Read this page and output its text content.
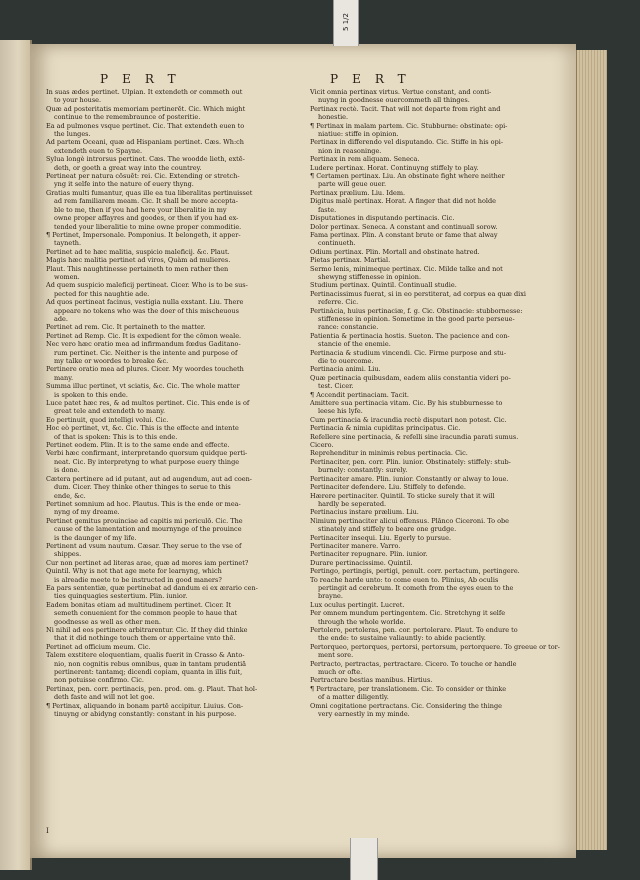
PERT	PERT
In suas ædes pertinet. Ulpian. It extendeth or commeth out
to your house.
Quæ ad posteritatis memoriam pertinerēt. Cic. Which might
continue to the remembraunce of posteritie.
Ea ad pulmones vsque pertinet. Cic. That extendeth euen to
the lunges.
Ad partem Oceani, quæ ad Hispaniam pertinet. Cæs. Wh:ch
extendeth euen to Spayne.
Sylua longè introrsus pertinet. Cæs. The woodde lieth, extē-
deth, or goeth a great way into the countrey.
Pertineat per natura cōsuēt: rei. Cic. Extending or stretch-
yng it selfe into the nature of euery thyng.
Gratias multi fumantur, quas ille ea tua liberalitas pertinuisset
ad rem familiarem meam. Cic. It shall be more accepta-
ble to me, then if you had here your liberalitie in my
owne proper affayres and goodes, or then if you had ex-
tended your liberalitie to mine owne proper commoditie.
¶ Pertinet, Impersonale. Pomponius. It belongeth, it apper-
tayneth.
Pertinet ad te hæc malitia, suspicio maleficij. &c. Plaut.
Magis hæc malitia pertinet ad viros, Quàm ad mulieres.
Plaut. This naughtinesse pertaineth to men rather then
women.
Ad quem suspicio maleficij pertineat. Cicer. Who is to be sus-
pected for this naughtie ade.
Ad quos pertineat facinus, vestigia nulla exstant. Liu. There
appeare no tokens who was the doer of this mischeuous
ade.
Pertinet ad rem. Cic. It pertaineth to the matter.
Pertinet ad Remp. Cic. It is expedient for the cōmon weale.
Nec vero hæc oratio mea ad infirmandum fœdus Gaditano-
rum pertinet. Cic. Neither is the intente and purpose of
my talke or woordes to breake &c.
Pertinere oratio mea ad plures. Cicer. My woordes toucheth
many.
Summa illuc pertinet, vt sciatis, &c. Cic. The whole matter
is spoken to this ende.
Luce patet hæc res, & ad multos pertinet. Cic. This ende is of
great tele and extendeth to many.
Eo pertinuit, quod intelligi volui. Cic.
Hoc eò pertinet, vt, &c. Cic. This is the effecte and intente
of that is spoken: This is to this ende.
Pertinet eodem. Plin. It is to the same ende and effecte.
Verbi hæc confirmant, interpretando quorsum quidque perti-
neat. Cic. By interpretyng to what purpose euery thinge
is done.
Cætera pertinere ad id putant, aut ad augendum, aut ad coen-
dum. Cicer. They thinke other thinges to serue to this
ende, &c.
Pertinet somnium ad hoc. Plautus. This is the ende or mea-
nyng of my dreame.
Pertinet gemitus prouinciae ad capitis mi periculō. Cic. The
cause of the lamentation and mournynge of the prouince
is the daunger of my life.
Pertinent ad vsum nautum. Cæsar. They serue to the vse of
shippes.
Cur non pertinet ad literas arae, quæ ad mores iam pertinet?
Quintil. Why is not that age mete for learnyng, which
is alreadie meete to be instructed in good maners?
Ea pars sententiæ, quæ pertinebat ad dandum ei ex ærario cen-
ties quinquagies sestertium. Plin. iunior.
Eadem bonitas etiam ad multitudinem pertinet. Cicer. It
semeth conuenient for the common people to haue that
goodnesse as well as other men.
Ni nihil ad eos pertinere arbitrarentur. Cic. If they did thinke
that it did nothinge touch them or appertaine vnto thē.
Pertinet ad officium meum. Cic.
Talem exstitere eloquentiam, qualis fuerit in Crasso & Anto-
nio, non cognitis rebus omnibus, quæ in tantam prudentiã
pertinerent: tantamq; dicendi copiam, quanta in illis fuit,
non potuisse confirmo. Cic.
Pertinax, pen. corr. pertinacis, pen. prod. om. g. Plaut. That hol-
deth faste and will not let goe.
¶ Pertinax, aliquando in bonam partē accipitur. Liuius. Con-
tinuyng or abidyng constantly: constant in his purpose.
Vicit omnia pertinax virtus. Vertue constant, and conti-
nuyng in goodnesse ouercommeth all thinges.
Pertinax rectè. Tacit. That will not departe from right and
honestie.
¶ Pertinax in malam partem. Cic. Stubburne: obstinate: opi-
niatiue: stiffe in opinion.
Pertinax in differendo vel disputando. Cic. Stiffe in his opi-
nion in reasoninge.
Pertinax in rem aliquam. Seneca.
Ludere pertinax. Horat. Continuyng stiffely to play.
¶ Certamen pertinax. Liu. An obstinate fight where neither
parte will geue ouer.
Pertinax prælium. Liu. Idem.
Digitus malè pertinax. Horat. A finger that did not holde
faste.
Disputationes in disputando pertinacis. Cic.
Dolor pertinax. Seneca. A constant and continuall sorow.
Fama pertinax. Plin. A constant brute or fame that alway
continueth.
Odium pertinax. Plin. Mortall and obstinate hatred.
Pietas pertinax. Martial.
Sermo lenis, minimeque pertinax. Cic. Milde talke and not
shewyng stiffenesse in opinion.
Studium pertinax. Quintil. Continuall studie.
Pertinacissimus fuerat, si in eo perstiterat, ad corpus ea quæ dixi
referre. Cic.
Pertinàcia, huius pertinaciæ, f. g. Cic. Obstinacie: stubbornesse:
stiffenesse in opinion. Sometime in the good parte perseue-
rance: constancie.
Patientia & pertinacia hostis. Sueton. The pacience and con-
stancie of the enemie.
Pertinacia & studium vincendi. Cic. Firme purpose and stu-
die to ouercome.
Pertinacia animi. Liu.
Quæ pertinacia quibusdam, eadem aliis constantia videri po-
test. Cicer.
¶ Accendit pertinaciam. Tacit.
Amittere sua pertinacia vitam. Cic. By his stubburnesse to
leese his lyfe.
Cum pertinacia & iracundia rectè disputari non potest. Cic.
Pertinacia & nimia cupiditas principatus. Cic.
Refellere sine pertinacia, & refelli sine iracundia parati sumus.
Cicero.
Reprehenditur in minimis rebus pertinacia. Cic.
Pertinaciter, pen. corr. Plin. iunior. Obstinately: stiffely: stub-
burnely: constantly: surely.
Pertinaciter amare. Plin. iunior. Constantly or alway to loue.
Pertinaciter defendere. Liu. Stiffely to defende.
Hærere pertinaciter. Quintil. To sticke surely that it will
hardly be seperated.
Pertinacius instare prælium. Liu.
Nimium pertinaciter alicui offensus. Plānco Ciceroni. To obe
stinately and stiffely to beare one grudge.
Pertinaciter insequi. Liu. Egerly to pursue.
Pertinaciter manere. Varro.
Pertinaciter repugnare. Plin. iunior.
Durare pertinacissime. Quintil.
Pertingo, pertingis, pertigi, penult. corr. pertactum, pertingere.
To reache harde unto: to come euen to. Plinius, Ab oculis
pertingit ad cerebrum. It cometh from the eyes euen to the
brayne.
Lux oculus pertingit. Lucret.
Per omnem mundum pertingentem. Cic. Stretchyng it selfe
through the whole worlde.
Pertolero, pertoleras, pen. cor. pertolerare. Plaut. To endure to
the ende: to sustaine valiauntly: to abide paciently.
Pertorqueo, pertorques, pertorsi, pertorsum, pertorquere. To greeue or tor-
ment sore.
Pertracto, pertractas, pertractare. Cicero. To touche or handle
much or ofte.
Pertractare bestias manibus. Hirtius.
¶ Pertractare, per translationem. Cic. To consider or thinke
of a matter diligently.
Omni cogitatione pertractans. Cic. Considering the thinge
very earnestly in my minde.
I
5 1/2
